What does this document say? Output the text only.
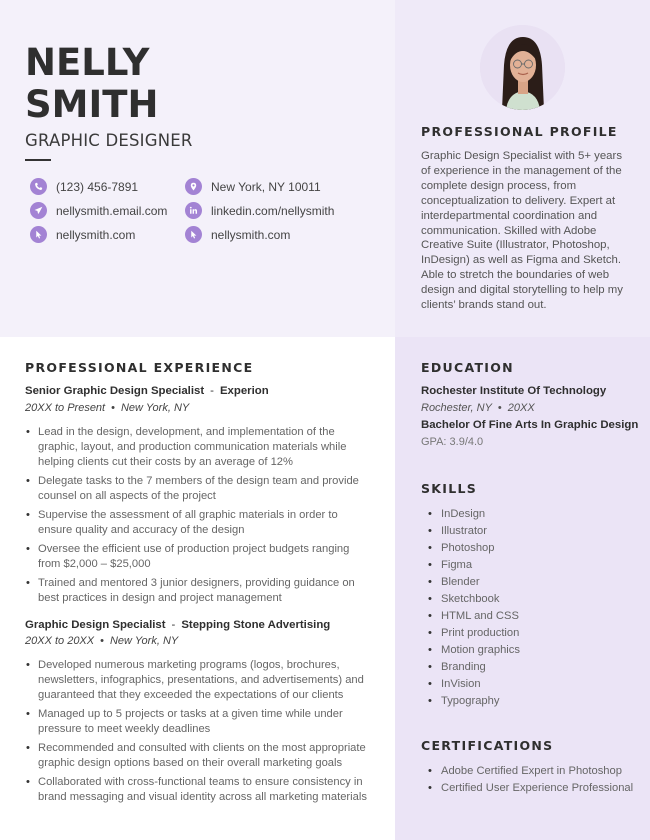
NELLY
SMITH
GRAPHIC DESIGNER
(123) 456-7891	New York, NY 10011
nellysmith.email.com	linkedin.com/nellysmith
nellysmith.com	nellysmith.com
PROFESSIONAL PROFILE
Graphic Design Specialist with 5+ years of experience in the management of the complete design process, from conceptualization to delivery. Expert at interdepartmental coordination and communication. Skilled with Adobe Creative Suite (Illustrator, Photoshop, InDesign) as well as Figma and Sketch. Able to stretch the boundaries of web design and digital storytelling to help my clients’ brands stand out.
PROFESSIONAL EXPERIENCE
Senior Graphic Design Specialist - Experion
20XX to Present • New York, NY
• Lead in the design, development, and implementation of the graphic, layout, and production communication materials while helping clients cut their costs by an average of 12%
• Delegate tasks to the 7 members of the design team and provide counsel on all aspects of the project
• Supervise the assessment of all graphic materials in order to ensure quality and accuracy of the design
• Oversee the efficient use of production project budgets ranging from $2,000 – $25,000
• Trained and mentored 3 junior designers, providing guidance on best practices in design and project management
Graphic Design Specialist - Stepping Stone Advertising
20XX to 20XX • New York, NY
• Developed numerous marketing programs (logos, brochures, newsletters, infographics, presentations, and advertisements) and guaranteed that they exceeded the expectations of our clients
• Managed up to 5 projects or tasks at a given time while under pressure to meet weekly deadlines
• Recommended and consulted with clients on the most appropriate graphic design options based on their overall marketing goals
• Collaborated with cross-functional teams to ensure consistency in brand messaging and visual identity across all marketing materials
EDUCATION
Rochester Institute Of Technology
Rochester, NY • 20XX
Bachelor Of Fine Arts In Graphic Design
GPA: 3.9/4.0
SKILLS
• InDesign
• Illustrator
• Photoshop
• Figma
• Blender
• Sketchbook
• HTML and CSS
• Print production
• Motion graphics
• Branding
• InVision
• Typography
CERTIFICATIONS
• Adobe Certified Expert in Photoshop
• Certified User Experience Professional
